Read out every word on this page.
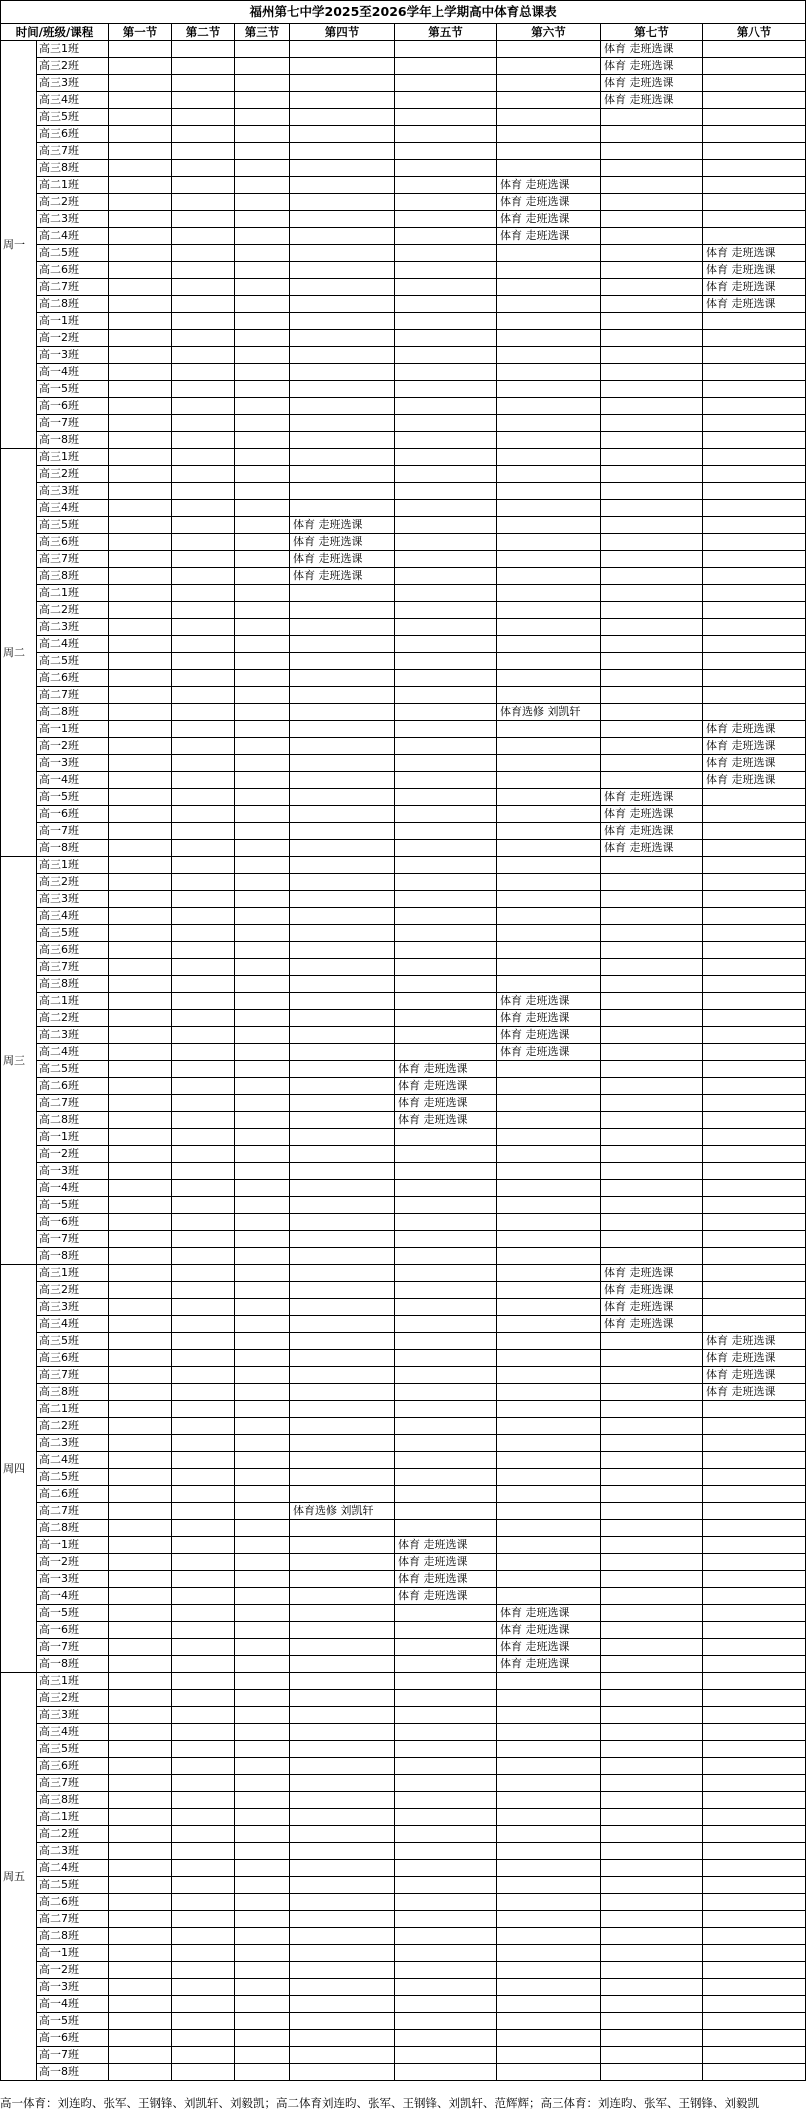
福州第七中学2025至2026学年上学期高中体育总课表									
时间/班级/课程		第一节	第二节	第三节	第四节	第五节	第六节	第七节	第八节
周一	高三1班							体育 走班选课	
	高三2班							体育 走班选课	
	高三3班							体育 走班选课	
	高三4班							体育 走班选课	
	高三5班								
	高三6班								
	高三7班								
	高三8班								
	高二1班						体育 走班选课		
	高二2班						体育 走班选课		
	高二3班						体育 走班选课		
	高二4班						体育 走班选课		
	高二5班								体育 走班选课
	高二6班								体育 走班选课
	高二7班								体育 走班选课
	高二8班								体育 走班选课
	高一1班								
	高一2班								
	高一3班								
	高一4班								
	高一5班								
	高一6班								
	高一7班								
	高一8班								
周二	高三1班								
	高三2班								
	高三3班								
	高三4班								
	高三5班				体育 走班选课				
	高三6班				体育 走班选课				
	高三7班				体育 走班选课				
	高三8班				体育 走班选课				
	高二1班								
	高二2班								
	高二3班								
	高二4班								
	高二5班								
	高二6班								
	高二7班								
	高二8班						体育选修 刘凯轩		
	高一1班								体育 走班选课
	高一2班								体育 走班选课
	高一3班								体育 走班选课
	高一4班								体育 走班选课
	高一5班							体育 走班选课	
	高一6班							体育 走班选课	
	高一7班							体育 走班选课	
	高一8班							体育 走班选课	
周三	高三1班								
	高三2班								
	高三3班								
	高三4班								
	高三5班								
	高三6班								
	高三7班								
	高三8班								
	高二1班						体育 走班选课		
	高二2班						体育 走班选课		
	高二3班						体育 走班选课		
	高二4班						体育 走班选课		
	高二5班					体育 走班选课			
	高二6班					体育 走班选课			
	高二7班					体育 走班选课			
	高二8班					体育 走班选课			
	高一1班								
	高一2班								
	高一3班								
	高一4班								
	高一5班								
	高一6班								
	高一7班								
	高一8班								
周四	高三1班							体育 走班选课	
	高三2班							体育 走班选课	
	高三3班							体育 走班选课	
	高三4班							体育 走班选课	
	高三5班								体育 走班选课
	高三6班								体育 走班选课
	高三7班								体育 走班选课
	高三8班								体育 走班选课
	高二1班								
	高二2班								
	高二3班								
	高二4班								
	高二5班								
	高二6班								
	高二7班				体育选修 刘凯轩				
	高二8班								
	高一1班					体育 走班选课			
	高一2班					体育 走班选课			
	高一3班					体育 走班选课			
	高一4班					体育 走班选课			
	高一5班						体育 走班选课		
	高一6班						体育 走班选课		
	高一7班						体育 走班选课		
	高一8班						体育 走班选课		
周五	高三1班								
	高三2班								
	高三3班								
	高三4班								
	高三5班								
	高三6班								
	高三7班								
	高三8班								
	高二1班								
	高二2班								
	高二3班								
	高二4班								
	高二5班								
	高二6班								
	高二7班								
	高二8班								
	高一1班								
	高一2班								
	高一3班								
	高一4班								
	高一5班								
	高一6班								
	高一7班								
	高一8班								
高一体育：刘连昀、张军、王钢锋、刘凯轩、刘毅凯；高二体育刘连昀、张军、王钢锋、刘凯轩、范辉辉；高三体育：刘连昀、张军、王钢锋、刘毅凯
